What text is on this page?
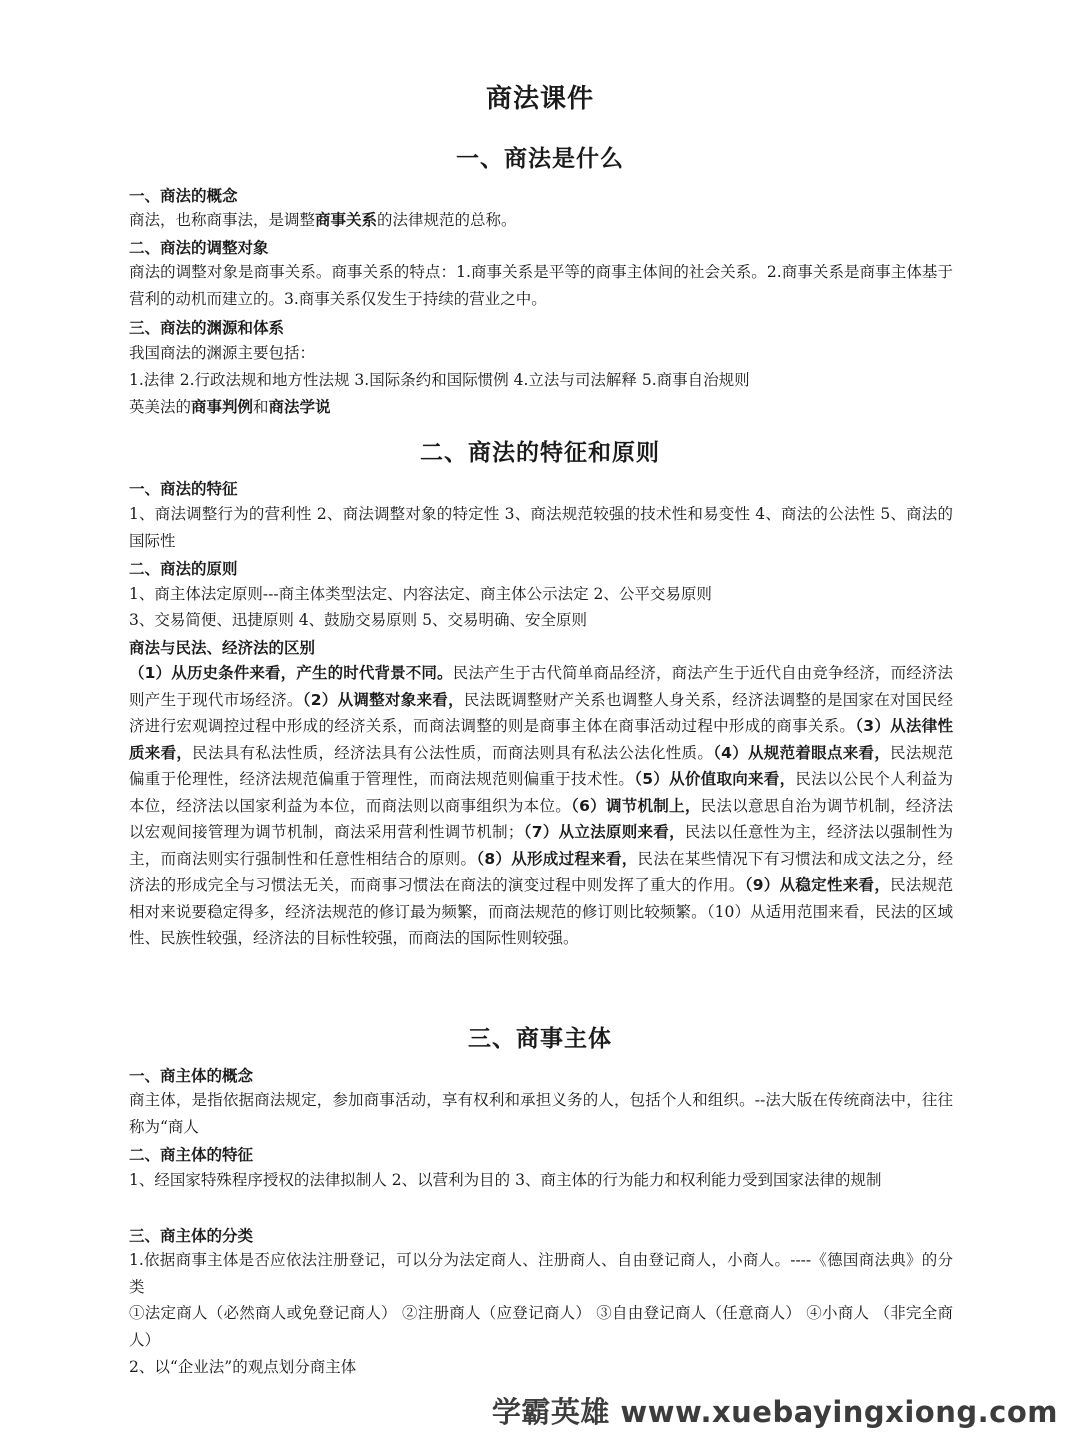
商法课件
一、商法是什么
一、商法的概念
商法，也称商事法，是调整商事关系的法律规范的总称。
二、商法的调整对象
商法的调整对象是商事关系。商事关系的特点：1.商事关系是平等的商事主体间的社会关系。2.商事关系是商事主体基于营利的动机而建立的。3.商事关系仅发生于持续的营业之中。
三、商法的渊源和体系
我国商法的渊源主要包括：
1.法律 2.行政法规和地方性法规 3.国际条约和国际惯例 4.立法与司法解释 5.商事自治规则
英美法的商事判例和商法学说
二、商法的特征和原则
一、商法的特征
1、商法调整行为的营利性 2、商法调整对象的特定性 3、商法规范较强的技术性和易变性 4、商法的公法性 5、商法的国际性
二、商法的原则
1、商主体法定原则---商主体类型法定、内容法定、商主体公示法定 2、公平交易原则
3、交易简便、迅捷原则 4、鼓励交易原则 5、交易明确、安全原则
商法与民法、经济法的区别
（1）从历史条件来看，产生的时代背景不同。民法产生于古代简单商品经济，商法产生于近代自由竞争经济，而经济法则产生于现代市场经济。（2）从调整对象来看，民法既调整财产关系也调整人身关系，经济法调整的是国家在对国民经济进行宏观调控过程中形成的经济关系，而商法调整的则是商事主体在商事活动过程中形成的商事关系。（3）从法律性质来看，民法具有私法性质，经济法具有公法性质，而商法则具有私法公法化性质。（4）从规范着眼点来看，民法规范偏重于伦理性，经济法规范偏重于管理性，而商法规范则偏重于技术性。（5）从价值取向来看，民法以公民个人利益为本位，经济法以国家利益为本位，而商法则以商事组织为本位。（6）调节机制上，民法以意思自治为调节机制，经济法以宏观间接管理为调节机制，商法采用营利性调节机制；（7）从立法原则来看，民法以任意性为主，经济法以强制性为主，而商法则实行强制性和任意性相结合的原则。（8）从形成过程来看，民法在某些情况下有习惯法和成文法之分，经济法的形成完全与习惯法无关，而商事习惯法在商法的演变过程中则发挥了重大的作用。（9）从稳定性来看，民法规范相对来说要稳定得多，经济法规范的修订最为频繁，而商法规范的修订则比较频繁。（10）从适用范围来看，民法的区域性、民族性较强，经济法的目标性较强，而商法的国际性则较强。
三、商事主体
一、商主体的概念
商主体，是指依据商法规定，参加商事活动，享有权利和承担义务的人，包括个人和组织。--法大版在传统商法中，往往称为“商人
二、商主体的特征
1、经国家特殊程序授权的法律拟制人 2、以营利为目的 3、商主体的行为能力和权利能力受到国家法律的规制
三、商主体的分类
1.依据商事主体是否应依法注册登记，可以分为法定商人、注册商人、自由登记商人，小商人。----《德国商法典》的分类
①法定商人（必然商人或免登记商人） ②注册商人（应登记商人） ③自由登记商人（任意商人） ④小商人 （非完全商人）
2、以“企业法”的观点划分商主体
学霸英雄 www.xuebayingxiong.com
